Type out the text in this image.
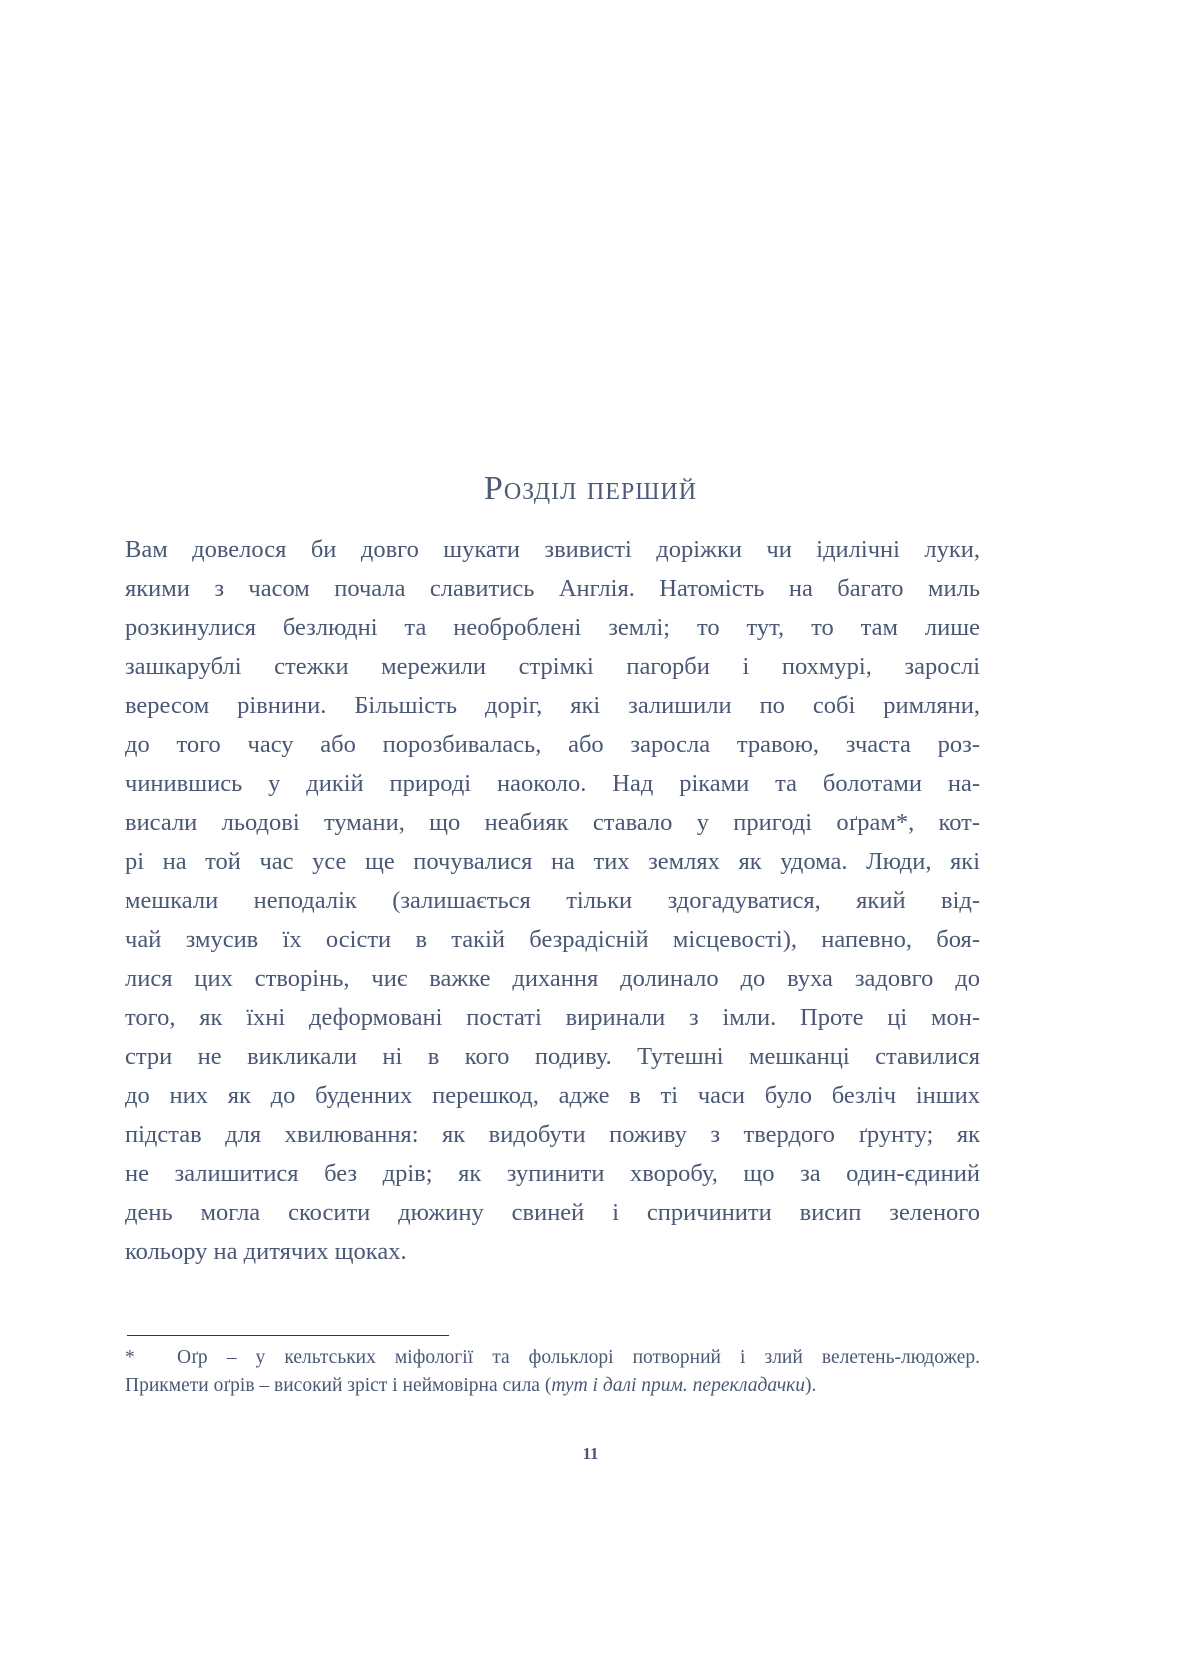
Розділ перший
Вам довелося би довго шукати звивисті доріжки чи ідилічні луки,
якими з часом почала славитись Англія. Натомість на багато миль
розкинулися безлюдні та необроблені землі; то тут, то там лише
зашкарублі стежки мережили стрімкі пагорби і похмурі, зарослі
вересом рівнини. Більшість доріг, які залишили по собі римляни,
до того часу або порозбивалась, або заросла травою, зчаста роз-
чинившись у дикій природі наоколо. Над ріками та болотами на-
висали льодові тумани, що неабияк ставало у пригоді оґрам*, кот-
рі на той час усе ще почувалися на тих землях як удома. Люди, які
мешкали неподалік (залишається тільки здогадуватися, який від-
чай змусив їх осісти в такій безрадісній місцевості), напевно, боя-
лися цих створінь, чиє важке дихання долинало до вуха задовго до
того, як їхні деформовані постаті виринали з імли. Проте ці мон-
стри не викликали ні в кого подиву. Тутешні мешканці ставилися
до них як до буденних перешкод, адже в ті часи було безліч інших
підстав для хвилювання: як видобути поживу з твердого ґрунту; як
не залишитися без дрів; як зупинити хворобу, що за один-єдиний
день могла скосити дюжину свиней і спричинити висип зеленого
кольору на дитячих щоках.
* Оґр – у кельтських міфології та фольклорі потворний і злий велетень-людожер.
Прикмети оґрів – високий зріст і неймовірна сила (тут і далі прим. перекладачки).
11
